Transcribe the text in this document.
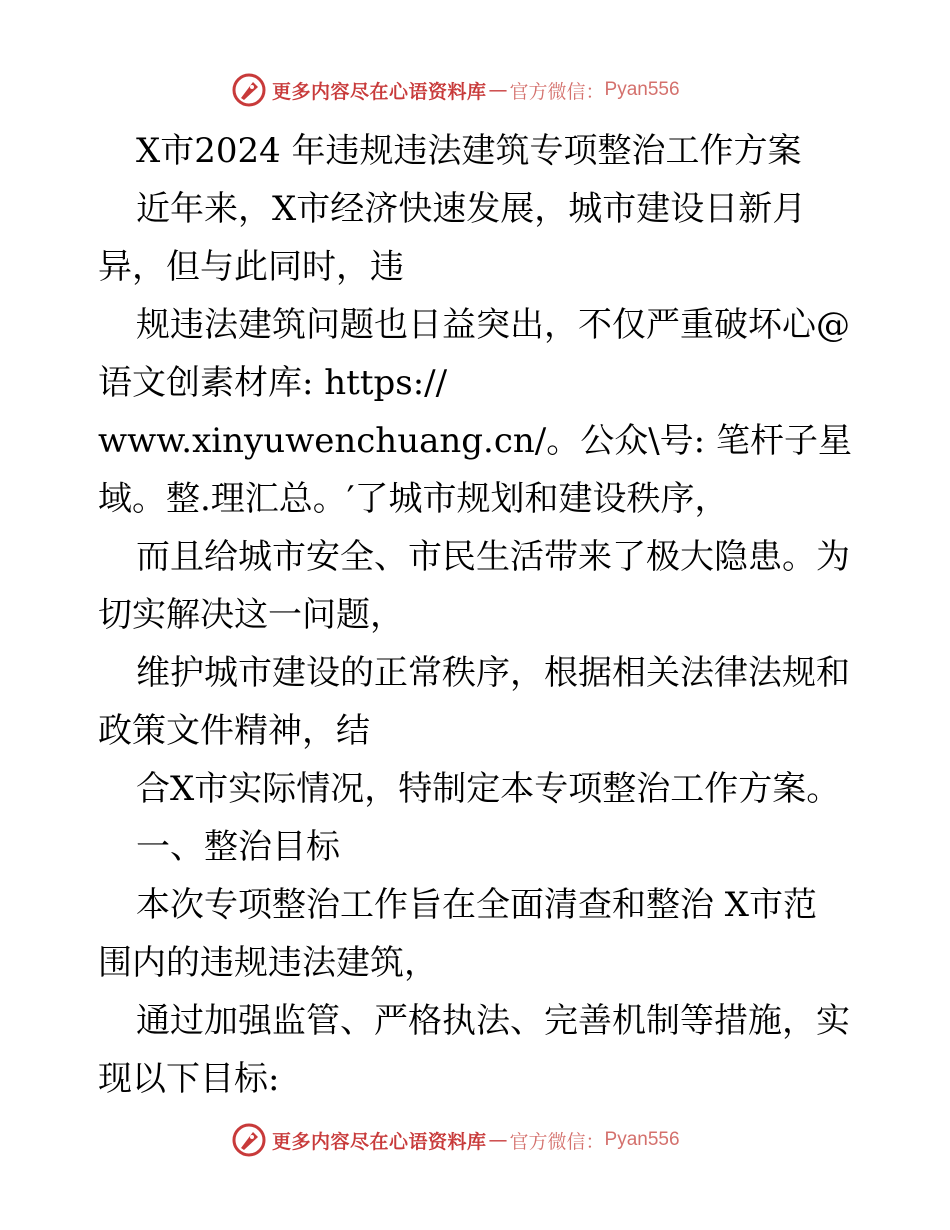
更多内容尽在心语资料库 — 官方微信： Pyan556

X市2024 年违规违法建筑专项整治工作方案

近年来，X市经济快速发展，城市建设日新月

异，但与此同时，违

规违法建筑问题也日益突出，不仅严重破坏心@

语文创素材库: https://

www.xinyuwenchuang.cn/。公众\号: 笔杆子星

域。整.理汇总。′了城市规划和建设秩序，

而且给城市安全、市民生活带来了极大隐患。为

切实解决这一问题，

维护城市建设的正常秩序，根据相关法律法规和

政策文件精神，结

合X市实际情况，特制定本专项整治工作方案。

一、整治目标

本次专项整治工作旨在全面清查和整治 X市范

围内的违规违法建筑，

通过加强监管、严格执法、完善机制等措施，实

现以下目标:

更多内容尽在心语资料库 — 官方微信： Pyan556
